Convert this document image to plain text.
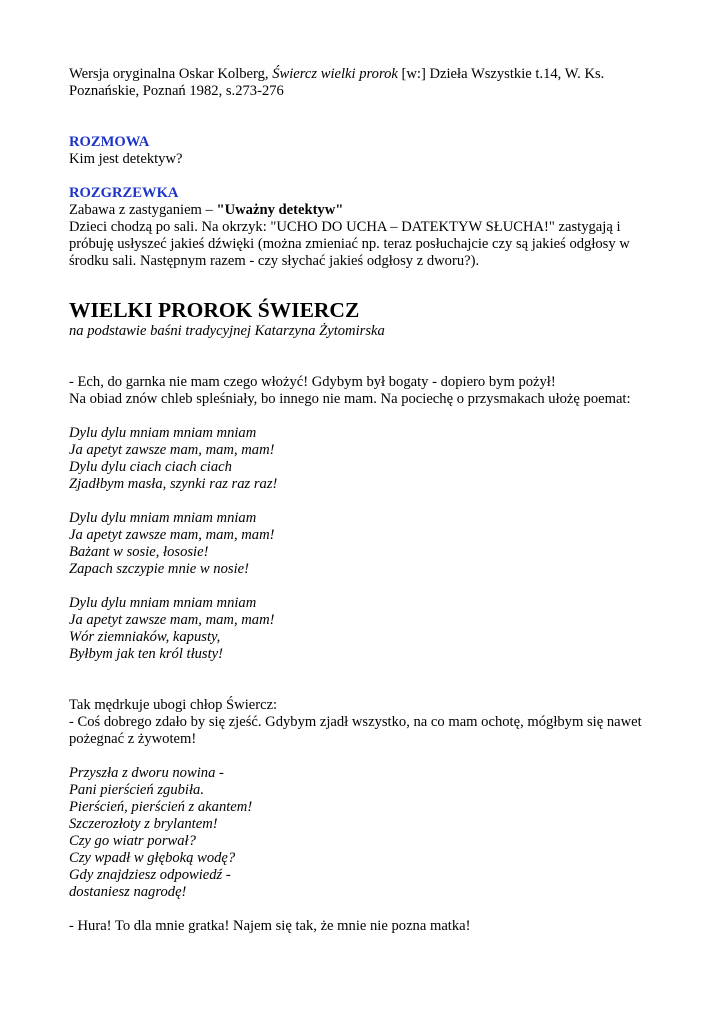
Wersja oryginalna Oskar Kolberg, Świercz wielki prorok [w:] Dzieła Wszystkie t.14, W. Ks.
Poznańskie, Poznań 1982, s.273-276
ROZMOWA
Kim jest detektyw?
ROZGRZEWKA
Zabawa z zastyganiem – "Uważny detektyw"
Dzieci chodzą po sali. Na okrzyk: "UCHO DO UCHA – DATEKTYW SŁUCHA!" zastygają i
próbuję usłyszeć jakieś dźwięki (można zmieniać np. teraz posłuchajcie czy są jakieś odgłosy w
środku sali. Następnym razem - czy słychać jakieś odgłosy z dworu?).
WIELKI PROROK ŚWIERCZ
na podstawie baśni tradycyjnej Katarzyna Żytomirska
- Ech, do garnka nie mam czego włożyć! Gdybym był bogaty - dopiero bym pożył!
Na obiad znów chleb spleśniały, bo innego nie mam. Na pociechę o przysmakach ułożę poemat:
Dylu dylu mniam mniam mniam
Ja apetyt zawsze mam, mam, mam!
Dylu dylu ciach ciach ciach
Zjadłbym masła, szynki raz raz raz!
Dylu dylu mniam mniam mniam
Ja apetyt zawsze mam, mam, mam!
Bażant w sosie, łososie!
Zapach szczypie mnie w nosie!
Dylu dylu mniam mniam mniam
Ja apetyt zawsze mam, mam, mam!
Wór ziemniaków, kapusty,
Byłbym jak ten król tłusty!
Tak mędrkuje ubogi chłop Świercz:
- Coś dobrego zdało by się zjeść. Gdybym zjadł wszystko, na co mam ochotę, mógłbym się nawet
pożegnać z żywotem!
Przyszła z dworu nowina -
Pani pierścień zgubiła.
Pierścień, pierścień z akantem!
Szczerozłoty z brylantem!
Czy go wiatr porwał?
Czy wpadł w głęboką wodę?
Gdy znajdziesz odpowiedź -
dostaniesz nagrodę!
- Hura! To dla mnie gratka! Najem się tak, że mnie nie pozna matka!
